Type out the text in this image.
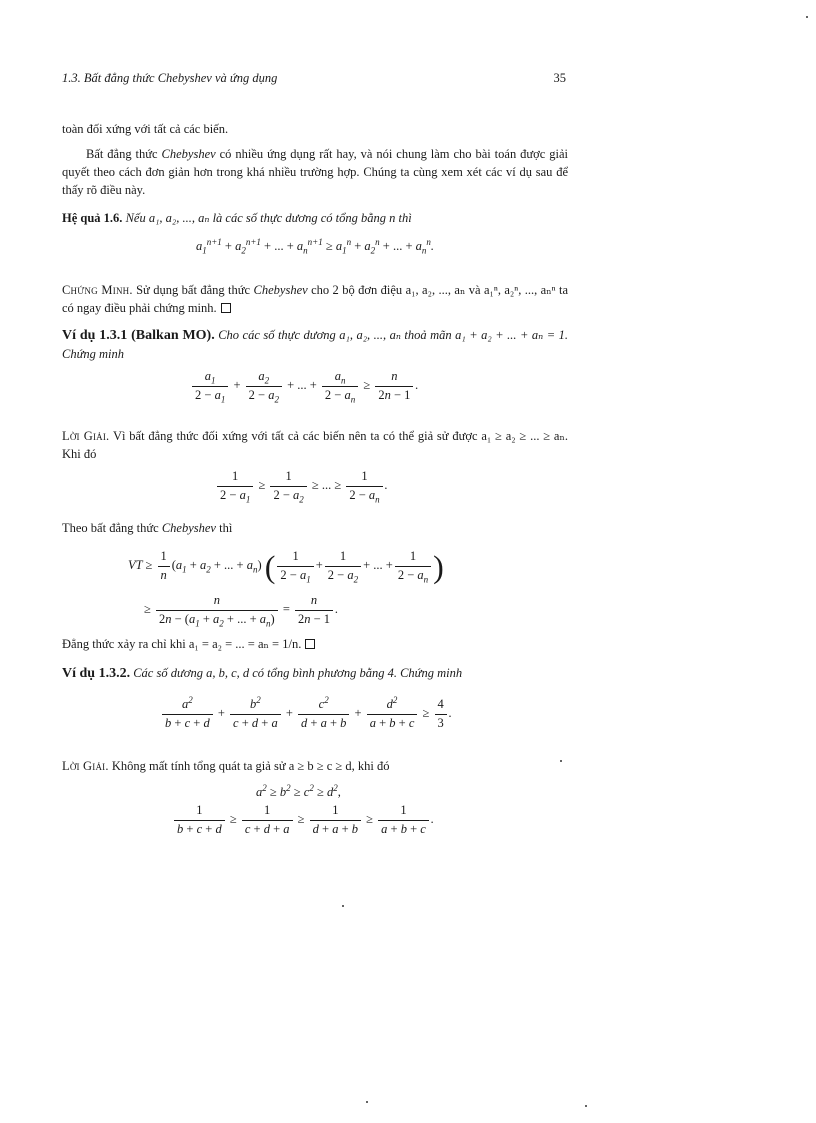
1.3. Bất đẳng thức Chebyshev và ứng dụng	35

toàn đối xứng với tất cả các biến.

Bất đẳng thức Chebyshev có nhiều ứng dụng rất hay, và nói chung làm cho bài toán được giải quyết theo cách đơn giản hơn trong khá nhiều trường hợp. Chúng ta cùng xem xét các ví dụ sau để thấy rõ điều này.

Hệ quả 1.6. Nếu a₁, a₂, ..., aₙ là các số thực dương có tổng bằng n thì

$a_1^{n+1} + a_2^{n+1}$ + ... + $a_n^{n+1} \ge a_1^n + a_2^n$ + ... + $a_n^n$.

Chứng Minh. Sử dụng bất đẳng thức Chebyshev cho 2 bộ đơn điệu a₁, a₂, ..., aₙ và a₁ⁿ, a₂ⁿ, ..., aₙⁿ ta có ngay điều phải chứng minh.

Ví dụ 1.3.1 (Balkan MO). Cho các số thực dương a₁, a₂, ..., aₙ thoả mãn a₁ + a₂ + ... + aₙ = 1. Chứng minh

$\frac{a_1}{2 - a_1} + \frac{a_2}{2 - a_2}$ + ... + $\frac{a_n}{2 - a_n} \ge \frac{n}{2n - 1}$ .

Lời Giải. Vì bất đẳng thức đối xứng với tất cả các biến nên ta có thể giả sử được a₁ ≥ a₂ ≥ ... ≥ aₙ. Khi đó

$\frac{1}{2 - a_1} \ge \frac{1}{2 - a_2}$ ≥ ... ≥ $\frac{1}{2 - a_n}$ .

Theo bất đẳng thức Chebyshev thì

VT ≥ $\frac{1}{n} (a_1 + a_2$ + ... + $a_n$) ( $\frac{1}{2 - a_1} + \frac{1}{2 - a_2}$ + ... + $\frac{1}{2 - a_n}$ )
≥ $\frac{n}{2n - (a_1 + a_2 + ... + a_n)} = \frac{n}{2n - 1}$ .

Đẳng thức xảy ra chỉ khi a₁ = a₂ = ... = aₙ = 1/n.

Ví dụ 1.3.2. Các số dương a, b, c, d có tổng bình phương bằng 4. Chứng minh

$\frac{a^2}{b + c + d} + \frac{b^2}{c + d + a} + \frac{c^2}{d + a + b} + \frac{d^2}{a + b + c} \ge \frac{4}{3}$ .

Lời Giải. Không mất tính tổng quát ta giả sử a ≥ b ≥ c ≥ d, khi đó

$a^2 \ge b^2 \ge c^2 \ge d^2$,
$\frac{1}{b + c + d} \ge \frac{1}{c + d + a} \ge \frac{1}{d + a + b} \ge \frac{1}{a + b + c}$ .
